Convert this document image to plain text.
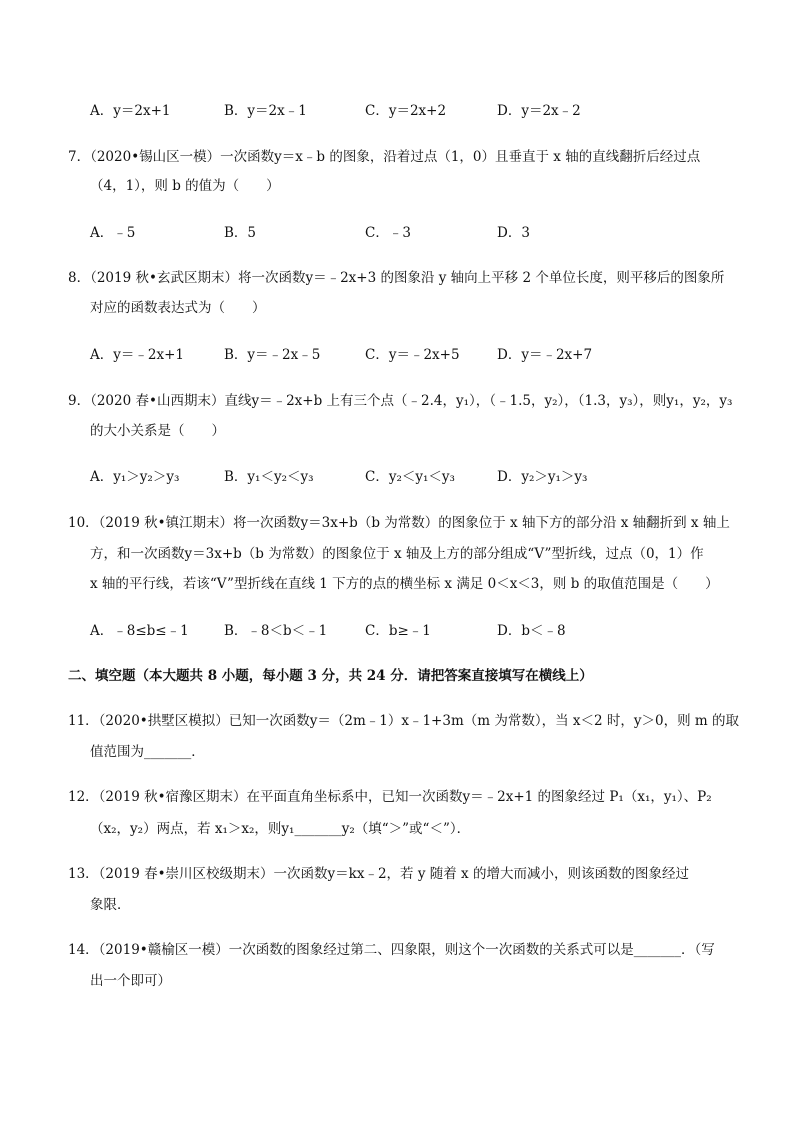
A．y＝2x+1	B．y＝2x﹣1	C．y＝2x+2	D．y＝2x﹣2
7．（2020•锡山区一模）一次函数y＝x﹣b 的图象，沿着过点（1，0）且垂直于 x 轴的直线翻折后经过点
（4，1），则 b 的值为（　　）
A．﹣5	B．5	C．﹣3	D．3
8．（2019 秋•玄武区期末）将一次函数y＝﹣2x+3 的图象沿 y 轴向上平移 2 个单位长度，则平移后的图象所
对应的函数表达式为（　　）
A．y＝﹣2x+1	B．y＝﹣2x﹣5	C．y＝﹣2x+5	D．y＝﹣2x+7
9．（2020 春•山西期末）直线y＝﹣2x+b 上有三个点（﹣2.4，y₁），（﹣1.5，y₂），（1.3，y₃），则y₁，y₂，y₃
的大小关系是（　　）
A．y₁＞y₂＞y₃	B．y₁＜y₂＜y₃	C．y₂＜y₁＜y₃	D．y₂＞y₁＞y₃
10．（2019 秋•镇江期末）将一次函数y＝3x+b（b 为常数）的图象位于 x 轴下方的部分沿 x 轴翻折到 x 轴上
方，和一次函数y＝3x+b（b 为常数）的图象位于 x 轴及上方的部分组成“V”型折线，过点（0，1）作
x 轴的平行线，若该“V”型折线在直线 1 下方的点的横坐标 x 满足 0＜x＜3，则 b 的取值范围是（　　）
A．﹣8≤b≤﹣1	B．﹣8＜b＜﹣1	C．b≥﹣1	D．b＜﹣8
二、填空题（本大题共 8 小题，每小题 3 分，共 24 分．请把答案直接填写在横线上）
11．（2020•拱墅区模拟）已知一次函数y＝（2m﹣1）x﹣1+3m（m 为常数），当 x＜2 时，y＞0，则 m 的取
值范围为_______．
12．（2019 秋•宿豫区期末）在平面直角坐标系中，已知一次函数y＝﹣2x+1 的图象经过 P₁（x₁，y₁）、P₂
（x₂，y₂）两点，若 x₁＞x₂，则y₁_______y₂（填“＞”或“＜”）．
13．（2019 春•崇川区校级期末）一次函数y＝kx﹣2，若 y 随着 x 的增大而减小，则该函数的图象经过
象限．
14．（2019•赣榆区一模）一次函数的图象经过第二、四象限，则这个一次函数的关系式可以是_______．（写
出一个即可）
